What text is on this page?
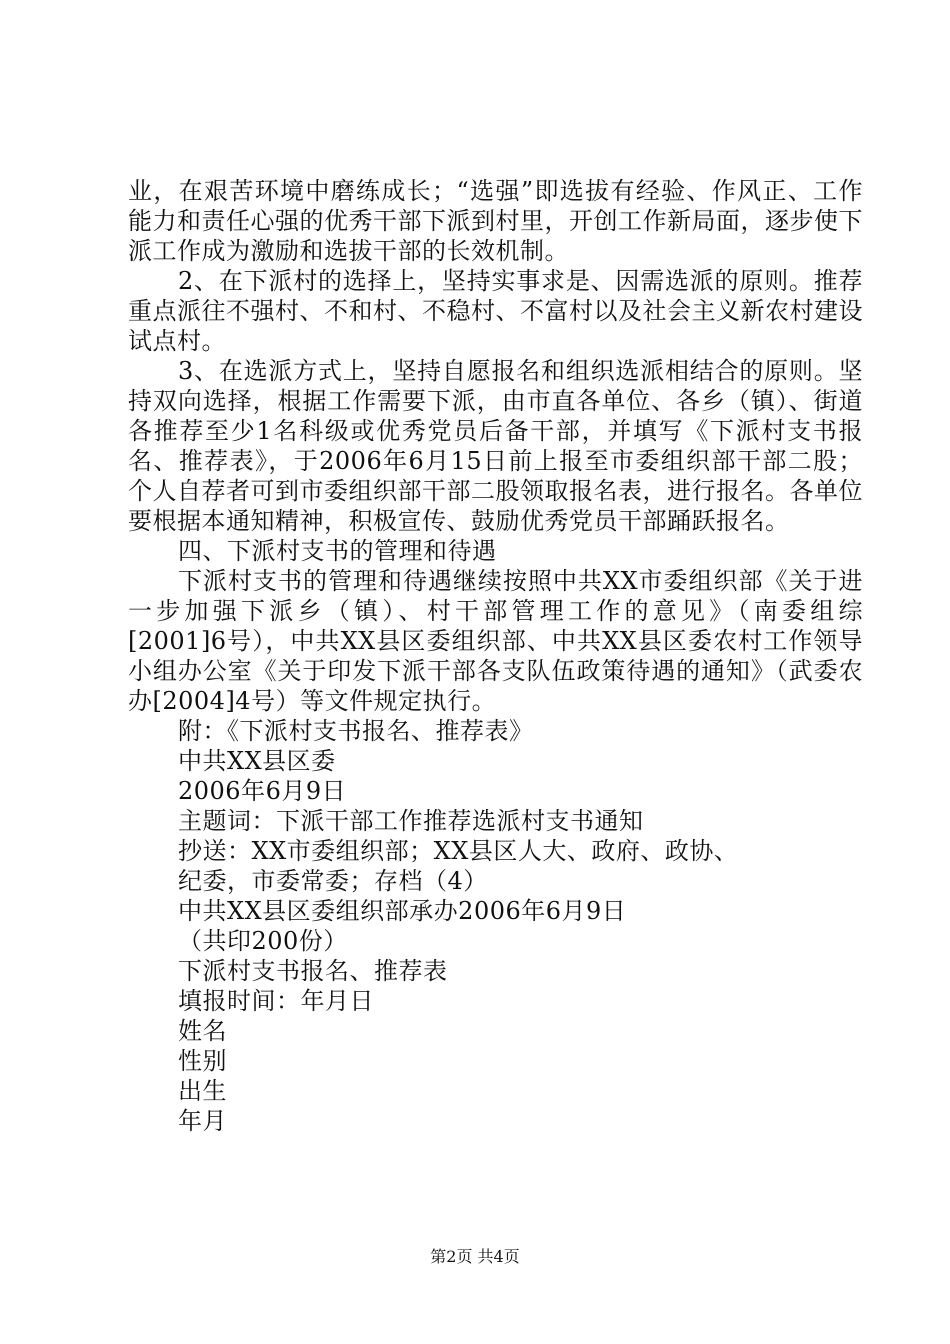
业，在艰苦环境中磨练成长；“选强”即选拔有经验、作风正、工作能力和责任心强的优秀干部下派到村里，开创工作新局面，逐步使下派工作成为激励和选拔干部的长效机制。

2、在下派村的选择上，坚持实事求是、因需选派的原则。推荐重点派往不强村、不和村、不稳村、不富村以及社会主义新农村建设试点村。

3、在选派方式上，坚持自愿报名和组织选派相结合的原则。坚持双向选择，根据工作需要下派，由市直各单位、各乡（镇）、街道各推荐至少1名科级或优秀党员后备干部，并填写《下派村支书报名、推荐表》，于2006年6月15日前上报至市委组织部干部二股；个人自荐者可到市委组织部干部二股领取报名表，进行报名。各单位要根据本通知精神，积极宣传、鼓励优秀党员干部踊跃报名。

四、下派村支书的管理和待遇

下派村支书的管理和待遇继续按照中共XX市委组织部《关于进一步加强下派乡（镇）、村干部管理工作的意见》（南委组综[2001]6号），中共XX县区委组织部、中共XX县区委农村工作领导小组办公室《关于印发下派干部各支队伍政策待遇的通知》（武委农办[2004]4号）等文件规定执行。

附：《下派村支书报名、推荐表》

中共XX县区委

2006年6月9日

主题词：下派干部工作推荐选派村支书通知

抄送：XX市委组织部；XX县区人大、政府、政协、

纪委，市委常委；存档（4）

中共XX县区委组织部承办2006年6月9日

（共印200份）

下派村支书报名、推荐表

填报时间：年月日

姓名

性别

出生

年月

第2页 共4页
